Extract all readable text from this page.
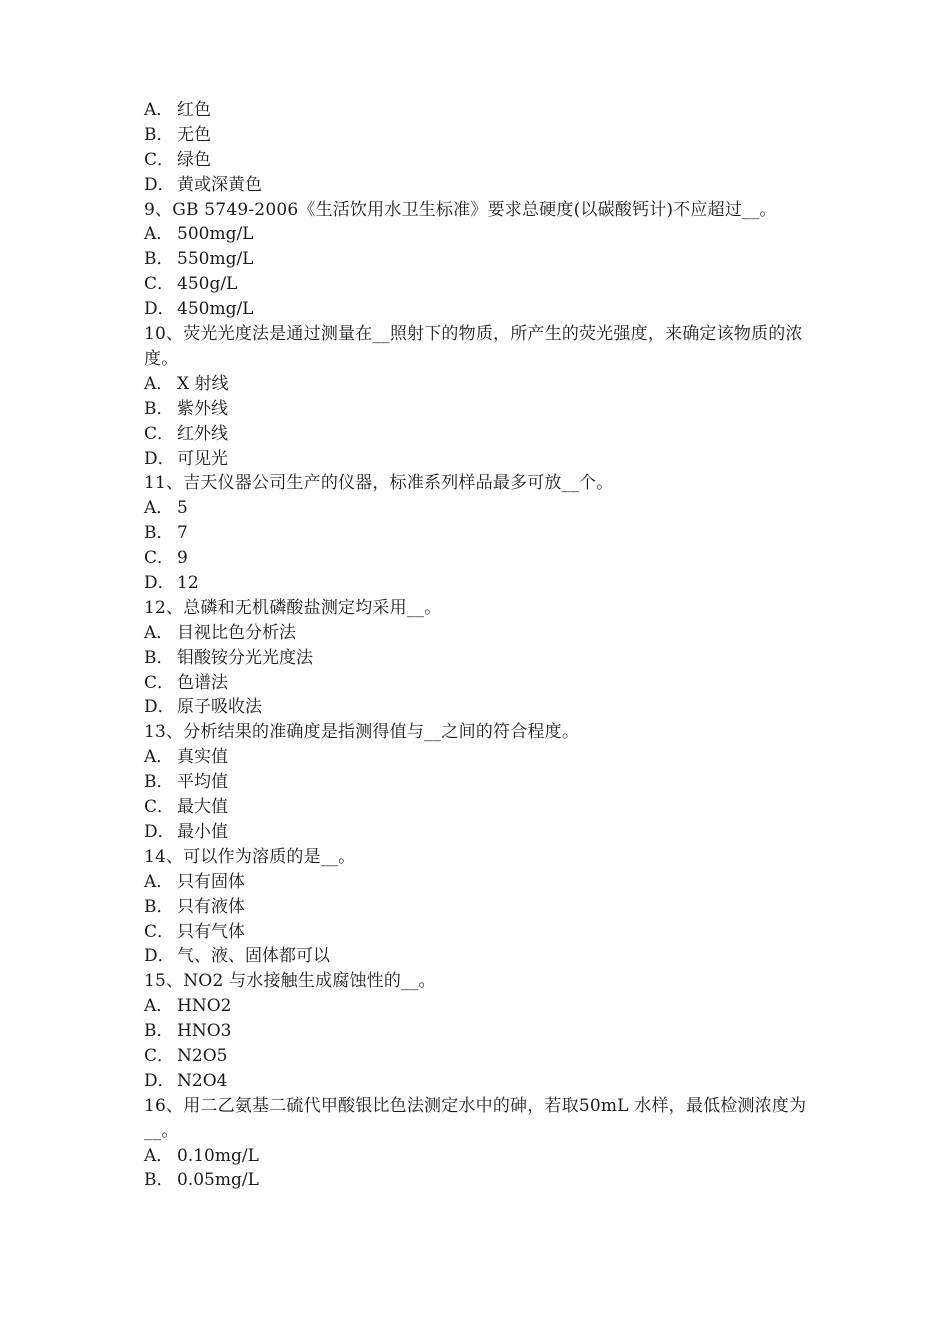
A． 红色

B． 无色

C． 绿色

D． 黄或深黄色

9、GB 5749-2006《生活饮用水卫生标准》要求总硬度(以碳酸钙计)不应超过__。

A． 500mg/L

B． 550mg/L

C． 450g/L

D． 450mg/L

10、荧光光度法是通过测量在__照射下的物质，所产生的荧光强度，来确定该物质的浓度。

A． X 射线

B． 紫外线

C． 红外线

D． 可见光

11、吉天仪器公司生产的仪器，标准系列样品最多可放__个。

A． 5

B． 7

C． 9

D． 12

12、总磷和无机磷酸盐测定均采用__。

A． 目视比色分析法

B． 钼酸铵分光光度法

C． 色谱法

D． 原子吸收法

13、分析结果的准确度是指测得值与__之间的符合程度。

A． 真实值

B． 平均值

C． 最大值

D． 最小值

14、可以作为溶质的是__。

A． 只有固体

B． 只有液体

C． 只有气体

D． 气、液、固体都可以

15、NO2 与水接触生成腐蚀性的__。

A． HNO2

B． HNO3

C． N2O5

D． N2O4

16、用二乙氨基二硫代甲酸银比色法测定水中的砷，若取50mL 水样，最低检测浓度为__。

A． 0.10mg/L

B． 0.05mg/L
